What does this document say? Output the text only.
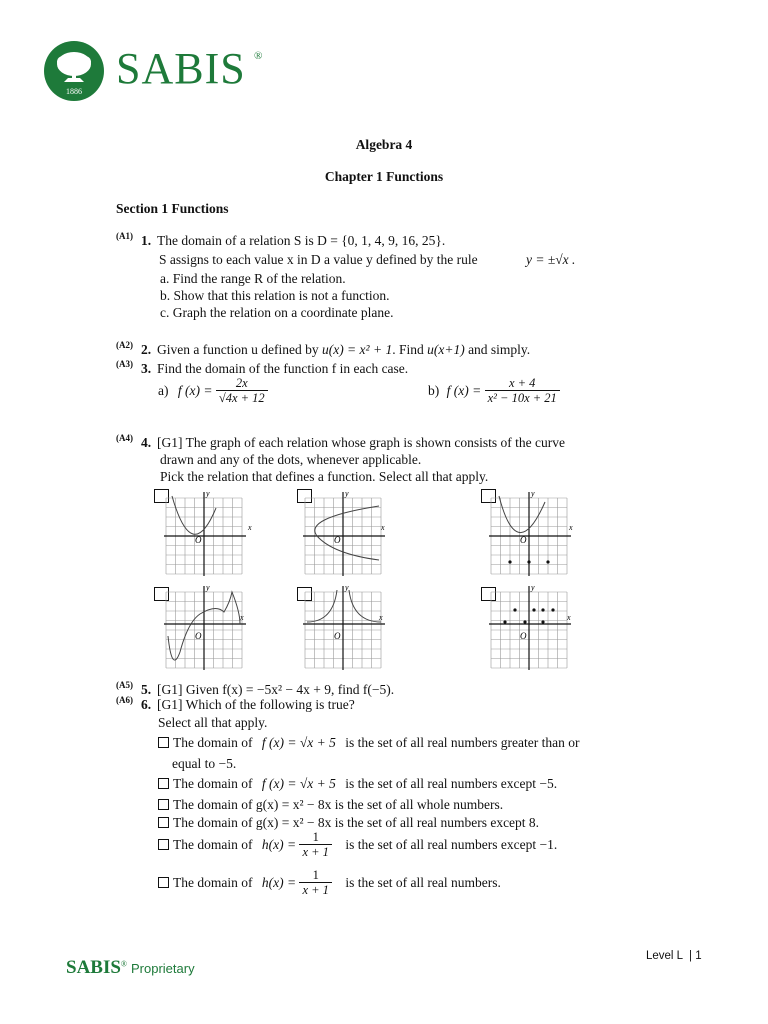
1886 SABIS ®
Algebra 4
Chapter 1 Functions
Section 1 Functions
(A1) 1. The domain of a relation S is D = {0, 1, 4, 9, 16, 25}.
S assigns to each value x in D a value y defined by the rule	y = ±√x .
a. Find the range R of the relation.
b. Show that this relation is not a function.
c. Graph the relation on a coordinate plane.
(A2) 2. Given a function u defined by u(x) = x² + 1. Find u(x+1) and simply.
(A3) 3. Find the domain of the function f in each case.
a) f $(x) = \frac{2x}{√4x + 12}$	b) f $(x) = \frac{x + 4}{\text{x² − 10x + 21}}$
(A4) 4. [G1] The graph of each relation whose graph is shown consists of the curve
drawn and any of the dots, whenever applicable.
Pick the relation that defines a function. Select all that apply.
x
y
O
x
y
O
x
y
O
x
y
O
x
y
O
x
y
O
(A5) 5. [G1] Given f(x) = −5x² − 4x + 9, find f(−5).
(A6) 6. [G1] Which of the following is true?
Select all that apply.
The domain of f (x) = √x + 5 is the set of all real numbers greater than or
equal to −5.
The domain of f (x) = √x + 5 is the set of all real numbers except −5.
The domain of g(x) = x² − 8x is the set of all whole numbers.
The domain of g(x) = x² − 8x is the set of all real numbers except 8.
The domain of $h(x) = \frac{1}{x + 1}$ is the set of all real numbers except −1.
The domain of $h(x) = \frac{1}{x + 1}$ is the set of all real numbers.
Level L  | 1
SABIS® Proprietary
